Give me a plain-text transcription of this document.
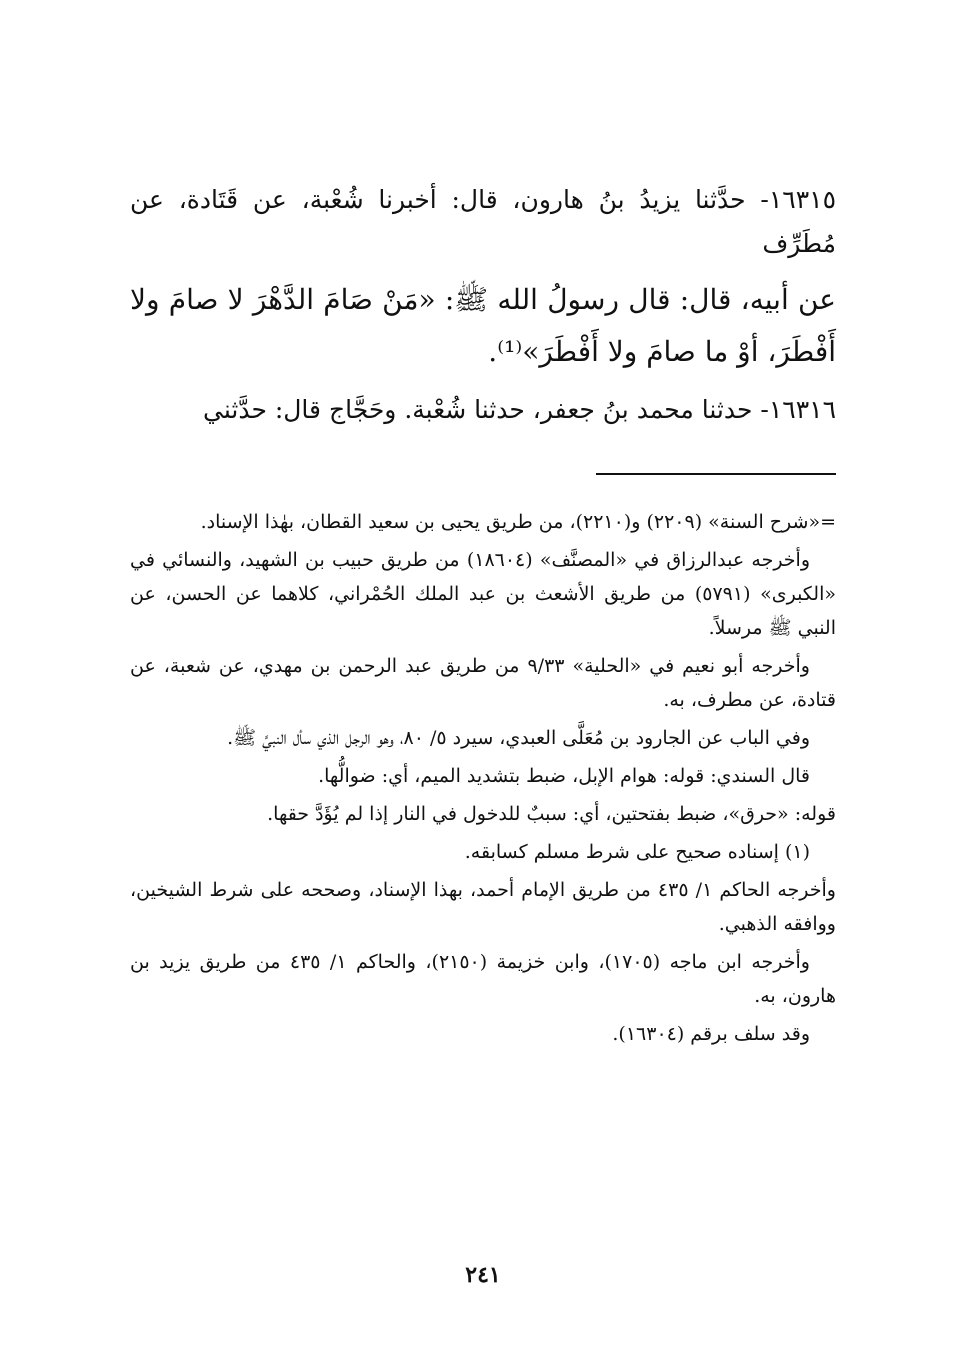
١٦٣١٥- حدَّثنا يزيدُ بنُ هارون، قال: أخبرنا شُعْبة، عن قَتَادة، عن مُطَرِّف

عن أبيه، قال: قال رسولُ الله ﷺ: «مَنْ صَامَ الدَّهْرَ لا صامَ ولا أَفْطَرَ، أوْ ما صامَ ولا أَفْطَرَ»⁽¹⁾.

١٦٣١٦- حدثنا محمد بنُ جعفر، حدثنا شُعْبة. وحَجَّاج قال: حدَّثني

=«شرح السنة» (٢٢٠٩) و(٢٢١٠)، من طريق يحيى بن سعيد القطان، بهٰذا الإسناد.

وأخرجه عبدالرزاق في «المصنَّف» (١٨٦٠٤) من طريق حبيب بن الشهيد، والنسائي في «الكبرى» (٥٧٩١) من طريق الأشعث بن عبد الملك الحُمْراني، كلاهما عن الحسن، عن النبي ﷺ مرسلاً.

وأخرجه أبو نعيم في «الحلية» ٩/٣٣ من طريق عبد الرحمن بن مهدي، عن شعبة، عن قتادة، عن مطرف، به.

وفي الباب عن الجارود بن مُعَلَّى العبدي، سيرد ٥/ ٨٠، وهو الرجل الذي سأل النبيَّ ﷺ.

قال السندي: قوله: هوام الإبل، ضبط بتشديد الميم، أي: ضوالُّها.

قوله: «حرق»، ضبط بفتحتين، أي: سببٌ للدخول في النار إذا لم يُؤَدَّ حقها.

(١) إسناده صحيح على شرط مسلم كسابقه.

وأخرجه الحاكم ١/ ٤٣٥ من طريق الإمام أحمد، بهذا الإسناد، وصححه على شرط الشيخين، ووافقه الذهبي.

وأخرجه ابن ماجه (١٧٠٥)، وابن خزيمة (٢١٥٠)، والحاكم ١/ ٤٣٥ من طريق يزيد بن هارون، به.

وقد سلف برقم (١٦٣٠٤).

٢٤١
